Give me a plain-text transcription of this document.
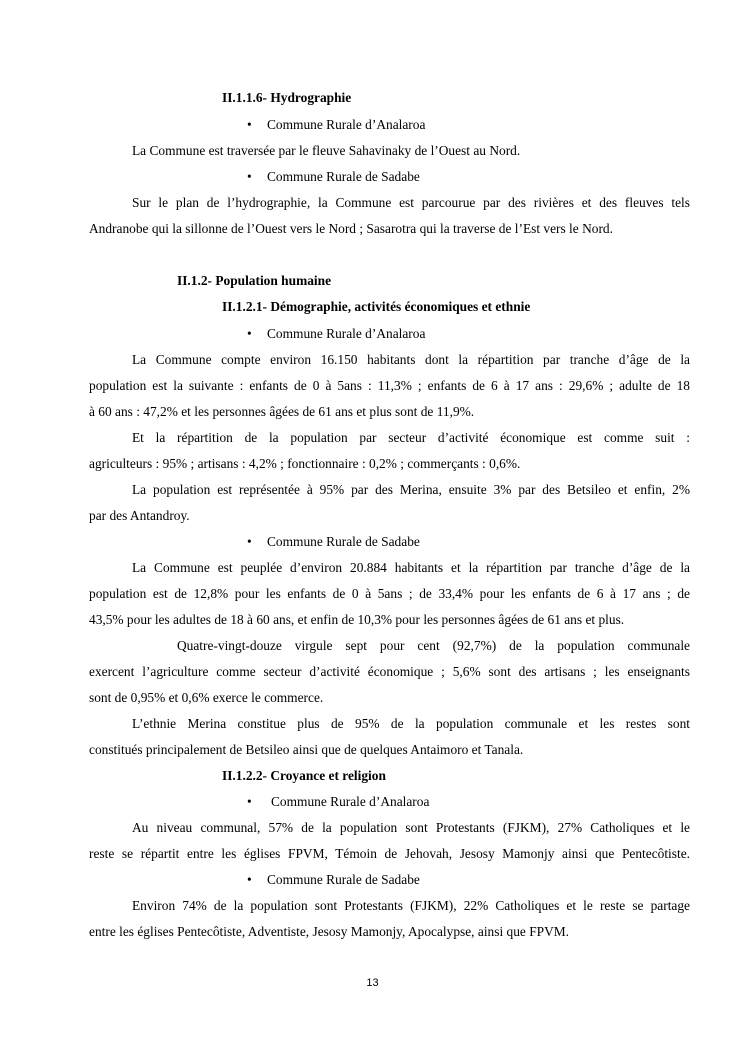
II.1.1.6- Hydrographie
• Commune Rurale d’Analaroa
La Commune est traversée par le fleuve Sahavinaky de l’Ouest au Nord.
• Commune Rurale de Sadabe
Sur le plan de l’hydrographie, la Commune est parcourue par des rivières et des fleuves tels
Andranobe qui la sillonne de l’Ouest vers le Nord ; Sasarotra qui la traverse de l’Est vers le Nord.
II.1.2- Population humaine
II.1.2.1- Démographie, activités économiques et ethnie
• Commune Rurale d’Analaroa
La Commune compte environ 16.150 habitants dont la répartition par tranche d’âge de la
population est la suivante : enfants de 0 à 5ans : 11,3% ; enfants de 6 à 17 ans : 29,6% ; adulte de 18
à 60 ans : 47,2% et les personnes âgées de 61 ans et plus sont de 11,9%.
Et la répartition de la population par secteur d’activité économique est comme suit :
agriculteurs : 95% ; artisans : 4,2% ; fonctionnaire : 0,2% ; commerçants : 0,6%.
La population est représentée à 95% par des Merina, ensuite 3% par des Betsileo et enfin, 2%
par des Antandroy.
• Commune Rurale de Sadabe
La Commune est peuplée d’environ 20.884 habitants et la répartition par tranche d’âge de la
population est de 12,8% pour les enfants de 0 à 5ans ; de 33,4% pour les enfants de 6 à 17 ans ; de
43,5% pour les adultes de 18 à 60 ans, et enfin de 10,3% pour les personnes âgées de 61 ans et plus.
Quatre-vingt-douze virgule sept pour cent (92,7%) de la population communale
exercent l’agriculture comme secteur d’activité économique ; 5,6% sont des artisans ; les enseignants
sont de 0,95% et 0,6% exerce le commerce.
L’ethnie Merina constitue plus de 95% de la population communale et les restes sont
constitués principalement de Betsileo ainsi que de quelques Antaimoro et Tanala.
II.1.2.2- Croyance et religion
• Commune Rurale d’Analaroa
Au niveau communal, 57% de la population sont Protestants (FJKM), 27% Catholiques et le
reste se répartit entre les églises FPVM, Témoin de Jehovah, Jesosy Mamonjy ainsi que Pentecôtiste.
• Commune Rurale de Sadabe
Environ 74% de la population sont Protestants (FJKM), 22% Catholiques et le reste se partage
entre les églises Pentecôtiste, Adventiste, Jesosy Mamonjy, Apocalypse, ainsi que FPVM.
13
